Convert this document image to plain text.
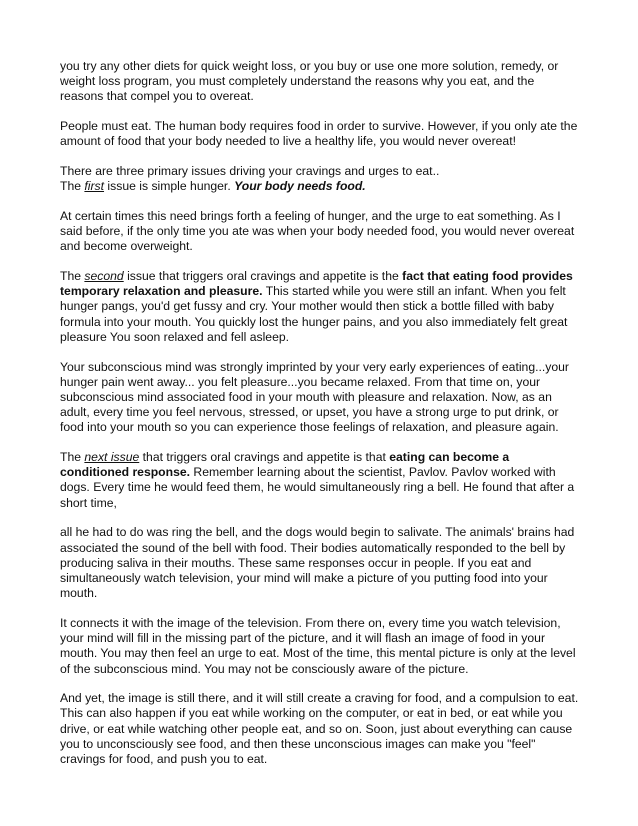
you try any other diets for quick weight loss, or you buy or use one more solution, remedy, or weight loss program, you must completely understand the reasons why you eat, and the reasons that compel you to overeat.

People must eat. The human body requires food in order to survive. However, if you only ate the amount of food that your body needed to live a healthy life, you would never overeat!

There are three primary issues driving your cravings and urges to eat..
The first issue is simple hunger. Your body needs food.

At certain times this need brings forth a feeling of hunger, and the urge to eat something. As I said before, if the only time you ate was when your body needed food, you would never overeat and become overweight.

The second issue that triggers oral cravings and appetite is the fact that eating food provides temporary relaxation and pleasure. This started while you were still an infant. When you felt hunger pangs, you'd get fussy and cry. Your mother would then stick a bottle filled with baby formula into your mouth. You quickly lost the hunger pains, and you also immediately felt great pleasure You soon relaxed and fell asleep.

Your subconscious mind was strongly imprinted by your very early experiences of eating...your hunger pain went away... you felt pleasure...you became relaxed. From that time on, your subconscious mind associated food in your mouth with pleasure and relaxation. Now, as an adult, every time you feel nervous, stressed, or upset, you have a strong urge to put drink, or food into your mouth so you can experience those feelings of relaxation, and pleasure again.

The next issue that triggers oral cravings and appetite is that eating can become a conditioned response. Remember learning about the scientist, Pavlov. Pavlov worked with dogs. Every time he would feed them, he would simultaneously ring a bell. He found that after a short time,

all he had to do was ring the bell, and the dogs would begin to salivate. The animals' brains had associated the sound of the bell with food. Their bodies automatically responded to the bell by producing saliva in their mouths. These same responses occur in people. If you eat and simultaneously watch television, your mind will make a picture of you putting food into your mouth.

It connects it with the image of the television. From there on, every time you watch television, your mind will fill in the missing part of the picture, and it will flash an image of food in your mouth. You may then feel an urge to eat. Most of the time, this mental picture is only at the level of the subconscious mind. You may not be consciously aware of the picture.

And yet, the image is still there, and it will still create a craving for food, and a compulsion to eat. This can also happen if you eat while working on the computer, or eat in bed, or eat while you drive, or eat while watching other people eat, and so on. Soon, just about everything can cause you to unconsciously see food, and then these unconscious images can make you "feel" cravings for food, and push you to eat.
